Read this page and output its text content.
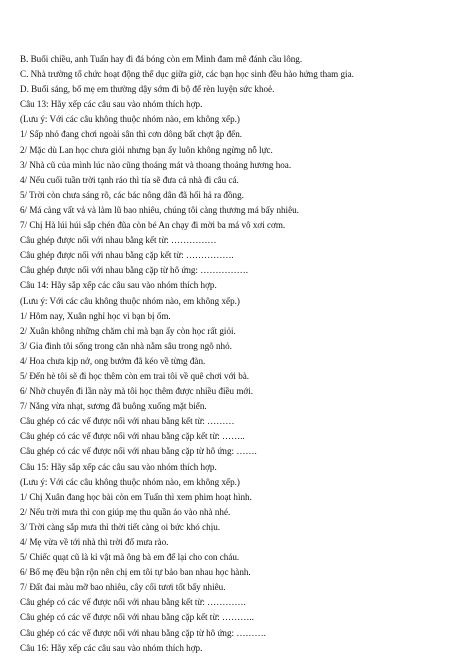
B. Buổi chiều, anh Tuấn hay đi đá bóng còn em Minh đam mê đánh cầu lông.
C. Nhà trường tổ chức hoạt động thể dục giữa giờ, các bạn học sinh đều hào hứng tham gia.
D. Buổi sáng, bố mẹ em thường dậy sớm đi bộ để rèn luyện sức khoẻ.
Câu 13: Hãy xếp các câu sau vào nhóm thích hợp.
(Lưu ý: Với các câu không thuộc nhóm nào, em không xếp.)
1/ Sấp nhỏ đang chơi ngoài sân thì cơn dông bất chợt ập đến.
2/ Mặc dù Lan học chưa giỏi nhưng bạn ấy luôn không ngừng nỗ lực.
3/ Nhà cũ của mình lúc nào cũng thoáng mát và thoang thoảng hương hoa.
4/ Nếu cuối tuần trời tạnh ráo thì tía sẽ đưa cả nhà đi câu cá.
5/ Trời còn chưa sáng rõ, các bác nông dân đã hối hả ra đồng.
6/ Má càng vất vả và làm lũ bao nhiêu, chúng tôi càng thương má bấy nhiêu.
7/ Chị Hà lúi húi sắp chén đũa còn bé An chạy đi mời ba má vô xơi cơm.
Câu ghép được nối với nhau bằng kết từ: ……………
Câu ghép được nối với nhau bằng cặp kết từ: …………….
Câu ghép được nối với nhau bằng cặp từ hô ứng: …………….
Câu 14: Hãy sắp xếp các câu sau vào nhóm thích hợp.
(Lưu ý: Với các câu không thuộc nhóm nào, em không xếp.)
1/ Hôm nay, Xuân nghỉ học vì bạn bị ốm.
2/ Xuân không những chăm chỉ mà bạn ấy còn học rất giỏi.
3/ Gia đình tôi sống trong căn nhà nằm sâu trong ngõ nhỏ.
4/ Hoa chưa kịp nở, ong bướm đã kéo về từng đàn.
5/ Đến hè tôi sẽ đi học thêm còn em trai tôi về quê chơi với bà.
6/ Nhờ chuyến đi lần này mà tôi học thêm được nhiều điều mới.
7/ Nắng vừa nhạt, sương đã buông xuống mặt biển.
Câu ghép có các vế được nối với nhau bằng kết từ: ………
Câu ghép có các vế được nối với nhau bằng cặp kết từ: ……..
Câu ghép có các vế được nối với nhau bằng cặp từ hô ứng: …….
Câu 15: Hãy sắp xếp các câu sau vào nhóm thích hợp.
(Lưu ý: Với các câu không thuộc nhóm nào, em không xếp.)
1/ Chị Xuân đang học bài còn em Tuấn thì xem phim hoạt hình.
2/ Nếu trời mưa thì con giúp mẹ thu quần áo vào nhà nhé.
3/ Trời càng sắp mưa thì thời tiết càng oi bức khó chịu.
4/ Mẹ vừa về tới nhà thì trời đổ mưa rào.
5/ Chiếc quạt cũ là kỉ vật mà ông bà em để lại cho con cháu.
6/ Bố mẹ đều bận rộn nên chị em tôi tự bảo ban nhau học hành.
7/ Đất đai màu mỡ bao nhiêu, cây cối tươi tốt bấy nhiêu.
Câu ghép có các vế được nối với nhau bằng kết từ: ………….
Câu ghép có các vế được nối với nhau bằng cặp kết từ: ………..
Câu ghép có các vế được nối với nhau bằng cặp từ hô ứng: ……….
Câu 16: Hãy xếp các câu sau vào nhóm thích hợp.
